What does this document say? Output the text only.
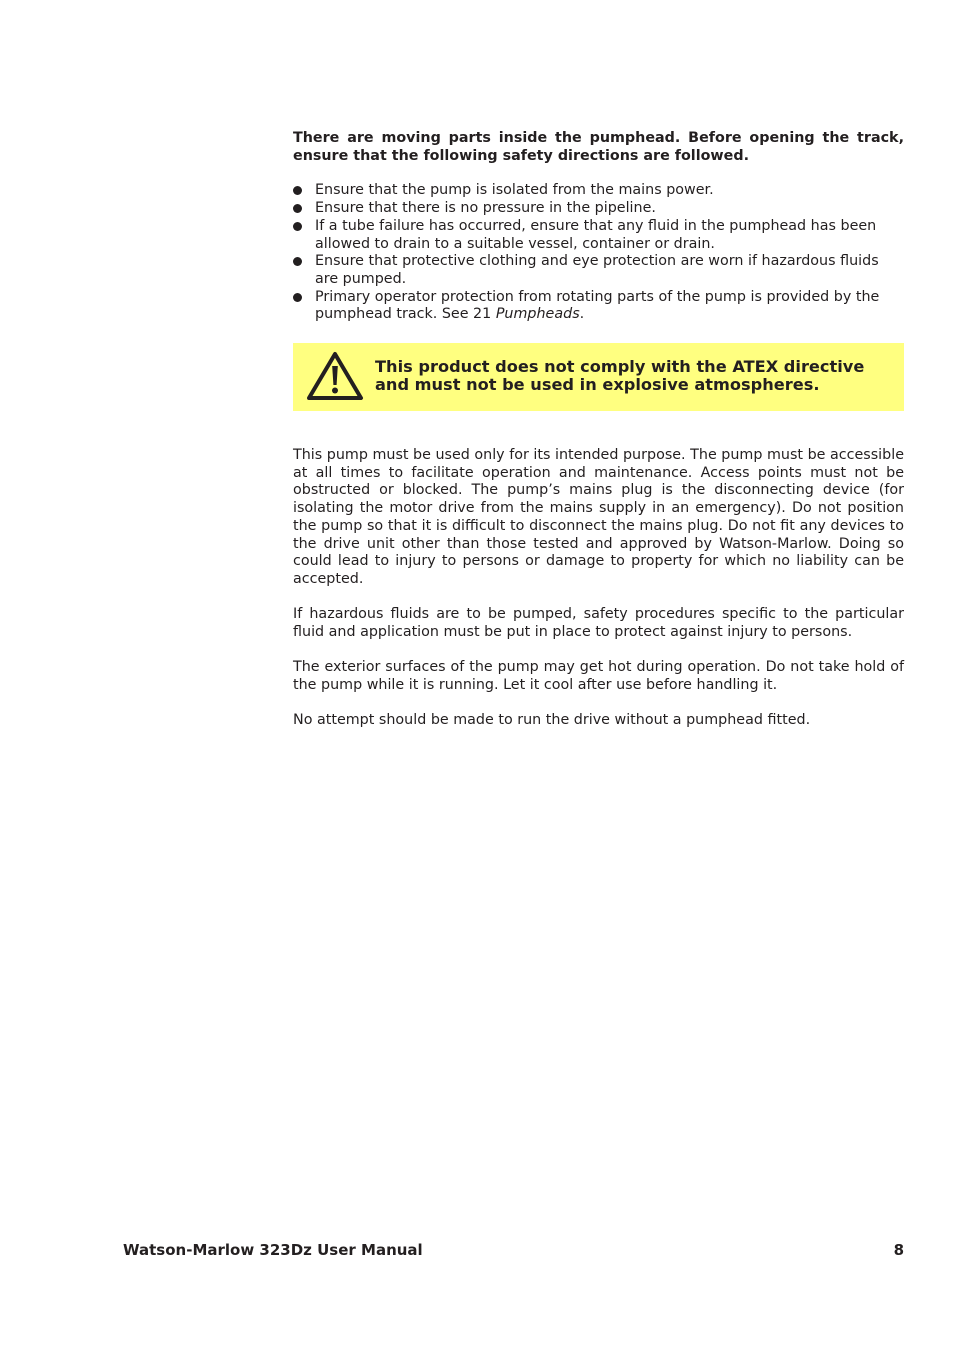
There are moving parts inside the pumphead. Before opening the track, ensure that the following safety directions are followed.

Ensure that the pump is isolated from the mains power.
Ensure that there is no pressure in the pipeline.
If a tube failure has occurred, ensure that any fluid in the pumphead has been allowed to drain to a suitable vessel, container or drain.
Ensure that protective clothing and eye protection are worn if hazardous fluids are pumped.
Primary operator protection from rotating parts of the pump is provided by the pumphead track. See 21 Pumpheads.
This product does not comply with the ATEX directive
and must not be used in explosive atmospheres.

This pump must be used only for its intended purpose. The pump must be accessible at all times to facilitate operation and maintenance. Access points must not be obstructed or blocked. The pump’s mains plug is the disconnecting device (for isolating the motor drive from the mains supply in an emergency). Do not position the pump so that it is difficult to disconnect the mains plug. Do not fit any devices to the drive unit other than those tested and approved by Watson-Marlow. Doing so could lead to injury to persons or damage to property for which no liability can be accepted.

If hazardous fluids are to be pumped, safety procedures specific to the particular fluid and application must be put in place to protect against injury to persons.

The exterior surfaces of the pump may get hot during operation. Do not take hold of the pump while it is running. Let it cool after use before handling it.

No attempt should be made to run the drive without a pumphead fitted.

Watson-Marlow 323Dz User Manual	8
